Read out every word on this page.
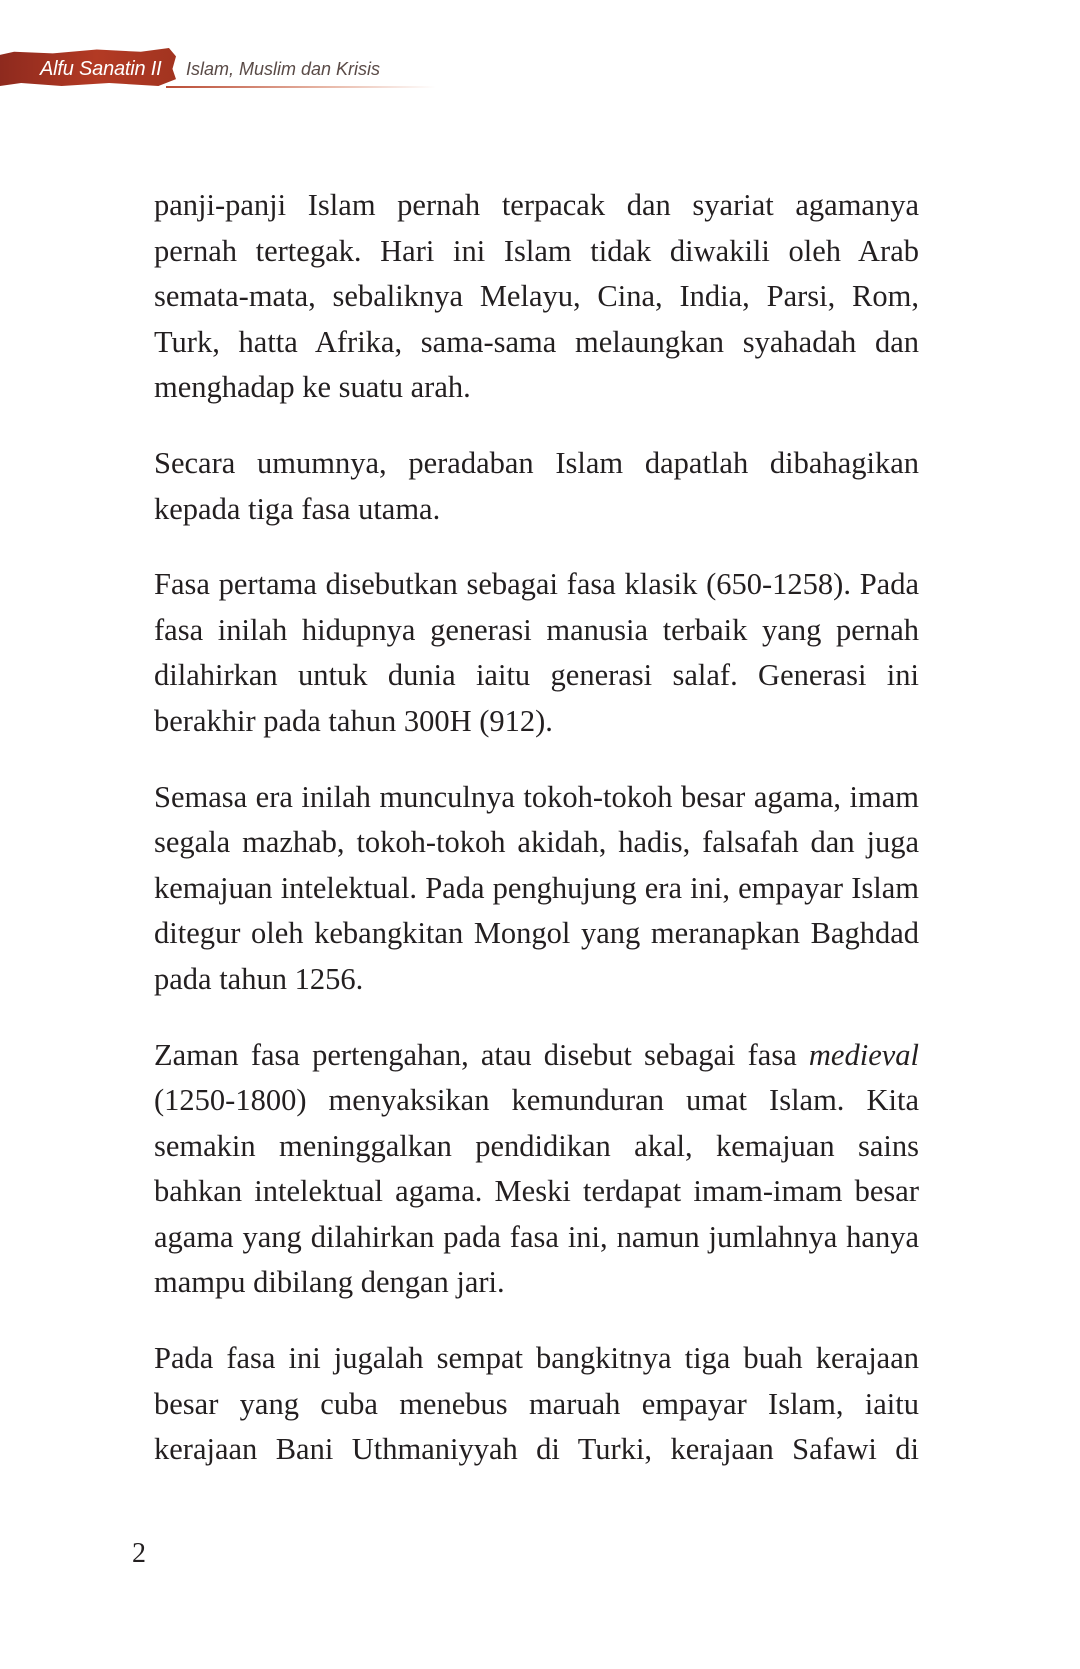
Alfu Sanatin II Islam, Muslim dan Krisis

panji-panji Islam pernah terpacak dan syariat agamanya pernah tertegak. Hari ini Islam tidak diwakili oleh Arab semata-mata, sebaliknya Melayu, Cina, India, Parsi, Rom, Turk, hatta Afrika, sama-sama melaungkan syahadah dan menghadap ke suatu arah.

Secara umumnya, peradaban Islam dapatlah dibahagikan kepada tiga fasa utama.

Fasa pertama disebutkan sebagai fasa klasik (650-1258). Pada fasa inilah hidupnya generasi manusia terbaik yang pernah dilahirkan untuk dunia iaitu generasi salaf. Generasi ini berakhir pada tahun 300H (912).

Semasa era inilah munculnya tokoh-tokoh besar agama, imam segala mazhab, tokoh-tokoh akidah, hadis, falsafah dan juga kemajuan intelektual. Pada penghujung era ini, empayar Islam ditegur oleh kebangkitan Mongol yang meranapkan Baghdad pada tahun 1256.

Zaman fasa pertengahan, atau disebut sebagai fasa medieval (1250-1800) menyaksikan kemunduran umat Islam. Kita semakin meninggalkan pendidikan akal, kemajuan sains bahkan intelektual agama. Meski terdapat imam-imam besar agama yang dilahirkan pada fasa ini, namun jumlahnya hanya mampu dibilang dengan jari.

Pada fasa ini jugalah sempat bangkitnya tiga buah kerajaan besar yang cuba menebus maruah empayar Islam, iaitu kerajaan Bani Uthmaniyyah di Turki, kerajaan Safawi di

2
